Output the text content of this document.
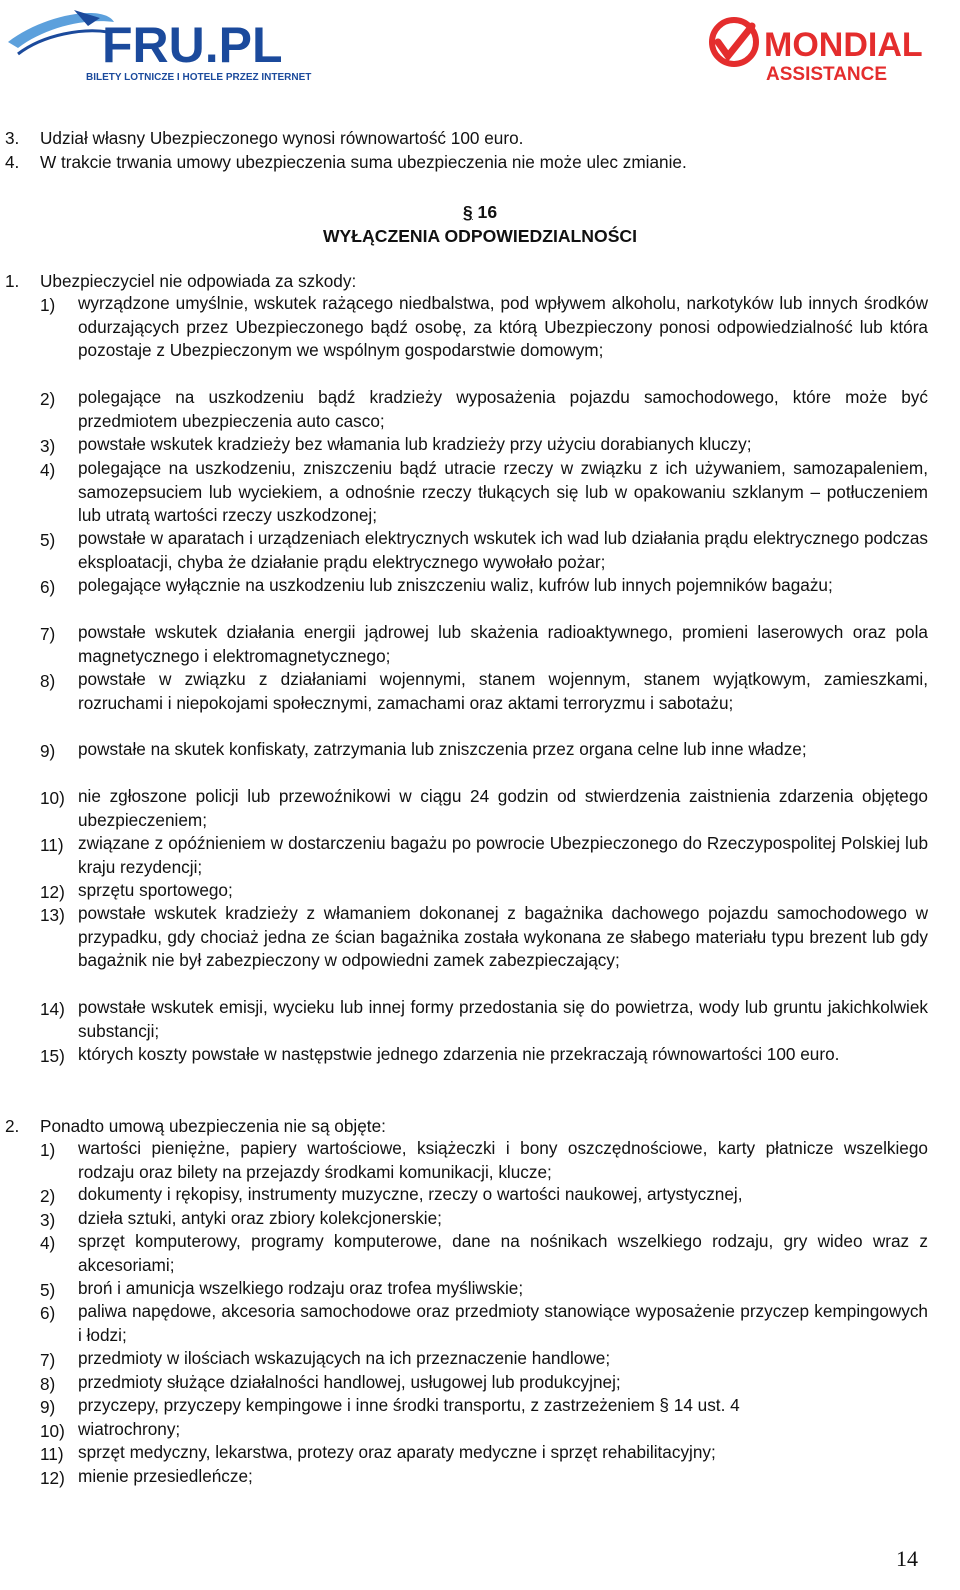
FRU.PL
BILETY LOTNICZE I HOTELE PRZEZ INTERNET
MONDIAL
ASSISTANCE
3. Udział własny Ubezpieczonego wynosi równowartość 100 euro.
4. W trakcie trwania umowy ubezpieczenia suma ubezpieczenia nie może ulec zmianie.
§ 16
WYŁĄCZENIA ODPOWIEDZIALNOŚCI
1. Ubezpieczyciel nie odpowiada za szkody:
1) wyrządzone umyślnie, wskutek rażącego niedbalstwa, pod wpływem alkoholu, narkotyków lub innych środków odurzających przez Ubezpieczonego bądź osobę, za którą Ubezpieczony ponosi odpowiedzialność lub która pozostaje z Ubezpieczonym we wspólnym gospodarstwie domowym;
2) polegające na uszkodzeniu bądź kradzieży wyposażenia pojazdu samochodowego, które może być przedmiotem ubezpieczenia auto casco;
3) powstałe wskutek kradzieży bez włamania lub kradzieży przy użyciu dorabianych kluczy;
4) polegające na uszkodzeniu, zniszczeniu bądź utracie rzeczy w związku z ich używaniem, samozapaleniem, samozepsuciem lub wyciekiem, a odnośnie rzeczy tłukących się lub w opakowaniu szklanym – potłuczeniem lub utratą wartości rzeczy uszkodzonej;
5) powstałe w aparatach i urządzeniach elektrycznych wskutek ich wad lub działania prądu elektrycznego podczas eksploatacji, chyba że działanie prądu elektrycznego wywołało pożar;
6) polegające wyłącznie na uszkodzeniu lub zniszczeniu waliz, kufrów lub innych pojemników bagażu;
7) powstałe wskutek działania energii jądrowej lub skażenia radioaktywnego, promieni laserowych oraz pola magnetycznego i elektromagnetycznego;
8) powstałe w związku z działaniami wojennymi, stanem wojennym, stanem wyjątkowym, zamieszkami, rozruchami i niepokojami społecznymi, zamachami oraz aktami terroryzmu i sabotażu;
9) powstałe na skutek konfiskaty, zatrzymania lub zniszczenia przez organa celne lub inne władze;
10) nie zgłoszone policji lub przewoźnikowi w ciągu 24 godzin od stwierdzenia zaistnienia zdarzenia objętego ubezpieczeniem;
11) związane z opóźnieniem w dostarczeniu bagażu po powrocie Ubezpieczonego do Rzeczypospolitej Polskiej lub kraju rezydencji;
12) sprzętu sportowego;
13) powstałe wskutek kradzieży z włamaniem dokonanej z bagażnika dachowego pojazdu samochodowego w przypadku, gdy chociaż jedna ze ścian bagażnika została wykonana ze słabego materiału typu brezent lub gdy bagażnik nie był zabezpieczony w odpowiedni zamek zabezpieczający;
14) powstałe wskutek emisji, wycieku lub innej formy przedostania się do powietrza, wody lub gruntu jakichkolwiek substancji;
15) których koszty powstałe w następstwie jednego zdarzenia nie przekraczają równowartości 100 euro.
2. Ponadto umową ubezpieczenia nie są objęte:
1) wartości pieniężne, papiery wartościowe, książeczki i bony oszczędnościowe, karty płatnicze wszelkiego rodzaju oraz bilety na przejazdy środkami komunikacji, klucze;
2) dokumenty i rękopisy, instrumenty muzyczne, rzeczy o wartości naukowej, artystycznej,
3) dzieła sztuki, antyki oraz zbiory kolekcjonerskie;
4) sprzęt komputerowy, programy komputerowe, dane na nośnikach wszelkiego rodzaju, gry wideo wraz z akcesoriami;
5) broń i amunicja wszelkiego rodzaju oraz trofea myśliwskie;
6) paliwa napędowe, akcesoria samochodowe oraz przedmioty stanowiące wyposażenie przyczep kempingowych i łodzi;
7) przedmioty w ilościach wskazujących na ich przeznaczenie handlowe;
8) przedmioty służące działalności handlowej, usługowej lub produkcyjnej;
9) przyczepy, przyczepy kempingowe i inne środki transportu, z zastrzeżeniem § 14 ust. 4
10) wiatrochrony;
11) sprzęt medyczny, lekarstwa, protezy oraz aparaty medyczne i sprzęt rehabilitacyjny;
12) mienie przesiedleńcze;
14
